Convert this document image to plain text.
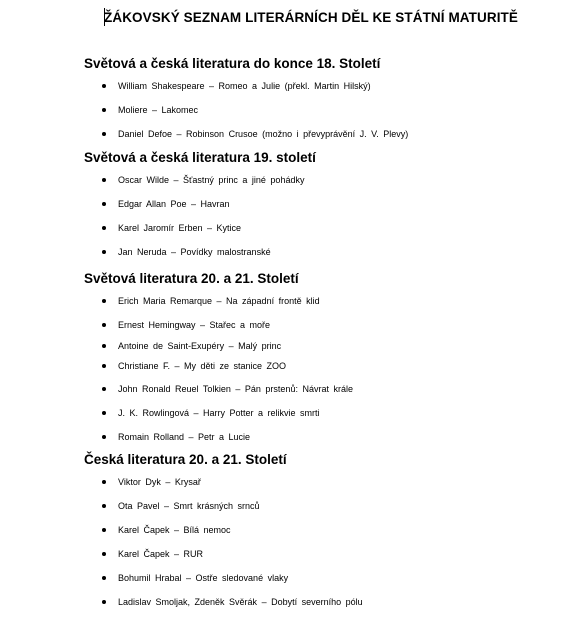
ŽÁKOVSKÝ SEZNAM LITERÁRNÍCH DĚL KE STÁTNÍ MATURITĚ
Světová a česká literatura do konce 18. Století
William Shakespeare – Romeo a Julie (překl. Martin Hilský)
Moliere – Lakomec
Daniel Defoe – Robinson Crusoe (možno i převyprávění J. V. Plevy)
Světová a česká literatura 19. století
Oscar Wilde – Šťastný princ a jiné pohádky
Edgar Allan Poe – Havran
Karel Jaromír Erben – Kytice
Jan Neruda – Povídky malostranské
Světová literatura 20. a 21. Století
Erich Maria Remarque – Na západní frontě klid
Ernest Hemingway – Stařec a moře
Antoine de Saint-Exupéry – Malý princ
Christiane F. – My děti ze stanice ZOO
John Ronald Reuel Tolkien – Pán prstenů: Návrat krále
J. K. Rowlingová – Harry Potter a relikvie smrti
Romain Rolland – Petr a Lucie
Česká literatura 20. a 21. Století
Viktor Dyk – Krysař
Ota Pavel – Smrt krásných srnců
Karel Čapek – Bílá nemoc
Karel Čapek – RUR
Bohumil Hrabal – Ostře sledované vlaky
Ladislav Smoljak, Zdeněk Svěrák – Dobytí severního pólu
